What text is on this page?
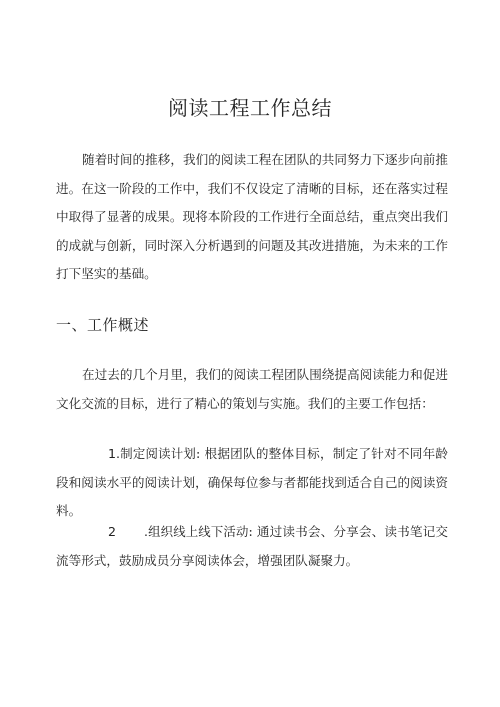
阅读工程工作总结

随着时间的推移，我们的阅读工程在团队的共同努力下逐步向前推进。在这一阶段的工作中，我们不仅设定了清晰的目标，还在落实过程中取得了显著的成果。现将本阶段的工作进行全面总结，重点突出我们的成就与创新，同时深入分析遇到的问题及其改进措施，为未来的工作打下坚实的基础。

一、工作概述

在过去的几个月里，我们的阅读工程团队围绕提高阅读能力和促进文化交流的目标，进行了精心的策划与实施。我们的主要工作包括：

1.制定阅读计划: 根据团队的整体目标，制定了针对不同年龄段和阅读水平的阅读计划，确保每位参与者都能找到适合自己的阅读资料。

2 .组织线上线下活动: 通过读书会、分享会、读书笔记交流等形式，鼓励成员分享阅读体会，增强团队凝聚力。
